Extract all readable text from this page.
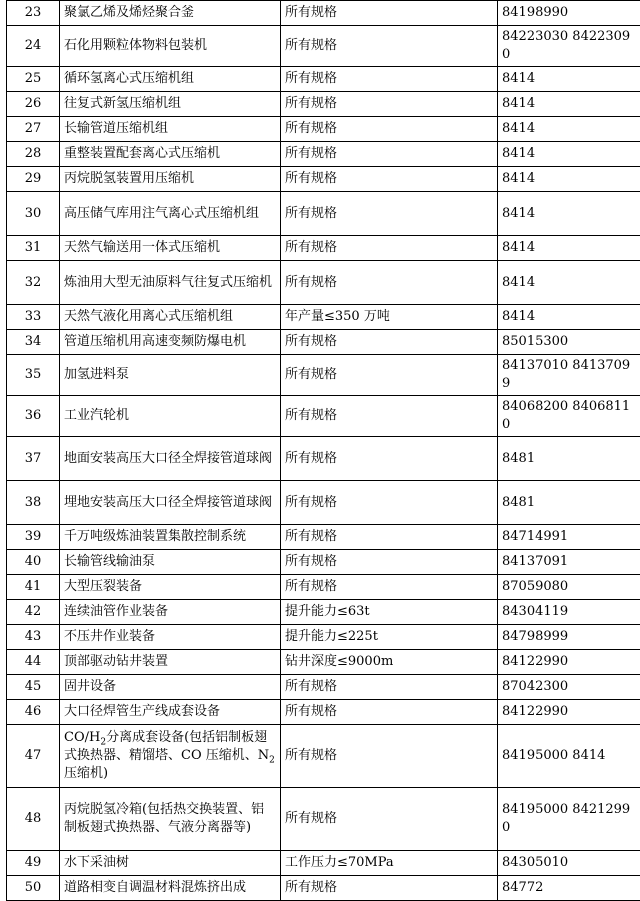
23	聚氯乙烯及烯烃聚合釜	所有规格	84198990
24	石化用颗粒体物料包装机	所有规格	84223030 84223090
25	循环氢离心式压缩机组	所有规格	8414
26	往复式新氢压缩机组	所有规格	8414
27	长输管道压缩机组	所有规格	8414
28	重整装置配套离心式压缩机	所有规格	8414
29	丙烷脱氢装置用压缩机	所有规格	8414
30	高压储气库用注气离心式压缩机组	所有规格	8414
31	天然气输送用一体式压缩机	所有规格	8414
32	炼油用大型无油原料气往复式压缩机	所有规格	8414
33	天然气液化用离心式压缩机组	年产量≤350 万吨	8414
34	管道压缩机用高速变频防爆电机	所有规格	85015300
35	加氢进料泵	所有规格	84137010 84137099
36	工业汽轮机	所有规格	84068200 84068110
37	地面安装高压大口径全焊接管道球阀	所有规格	8481
38	埋地安装高压大口径全焊接管道球阀	所有规格	8481
39	千万吨级炼油装置集散控制系统	所有规格	84714991
40	长输管线输油泵	所有规格	84137091
41	大型压裂装备	所有规格	87059080
42	连续油管作业装备	提升能力≤63t	84304119
43	不压井作业装备	提升能力≤225t	84798999
44	顶部驱动钻井装置	钻井深度≤9000m	84122990
45	固井设备	所有规格	87042300
46	大口径焊管生产线成套设备	所有规格	84122990
47	$CO/H_2$分离成套设备(包括铝制板翅式换热器、精馏塔、CO 压缩机、$N_2$ 压缩机)	所有规格	84195000 8414
48	丙烷脱氢冷箱(包括热交换装置、铝制板翅式换热器、气液分离器等)	所有规格	84195000 84212990
49	水下采油树	工作压力≤70MPa	84305010
50	道路相变自调温材料混炼挤出成	所有规格	84772
